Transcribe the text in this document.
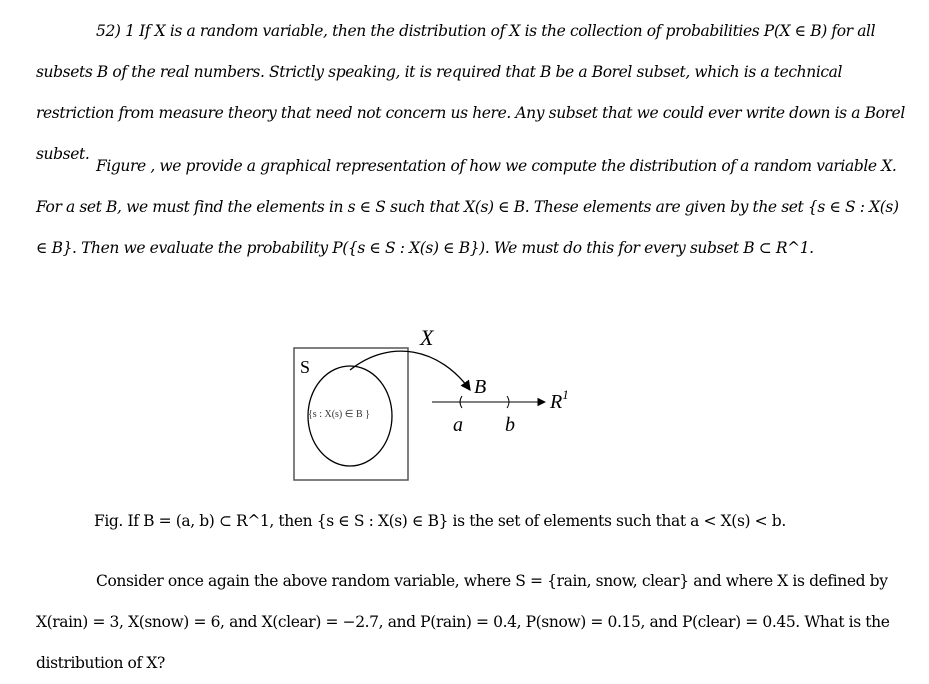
52) 1 If X is a random variable, then the distribution of X is the collection of probabilities P(X ∈ B) for all subsets B of the real numbers. Strictly speaking, it is required that B be a Borel subset, which is a technical restriction from measure theory that need not concern us here. Any subset that we could ever write down is a Borel subset.

Figure , we provide a graphical representation of how we compute the distribution of a random variable X. For a set B, we must find the elements in s ∈ S such that X(s) ∈ B. These elements are given by the set {s ∈ S : X(s) ∈ B}. Then we evaluate the probability P({s ∈ S : X(s) ∈ B}). We must do this for every subset B ⊂ R^1.

S
{s : X(s) ∈ B }
X
B
$R^1$
a b

Fig. If B = (a, b) ⊂ R^1, then {s ∈ S : X(s) ∈ B} is the set of elements such that a < X(s) < b.

Consider once again the above random variable, where S = {rain, snow, clear} and where X is defined by X(rain) = 3, X(snow) = 6, and X(clear) = −2.7, and P(rain) = 0.4, P(snow) = 0.15, and P(clear) = 0.45. What is the distribution of X?
